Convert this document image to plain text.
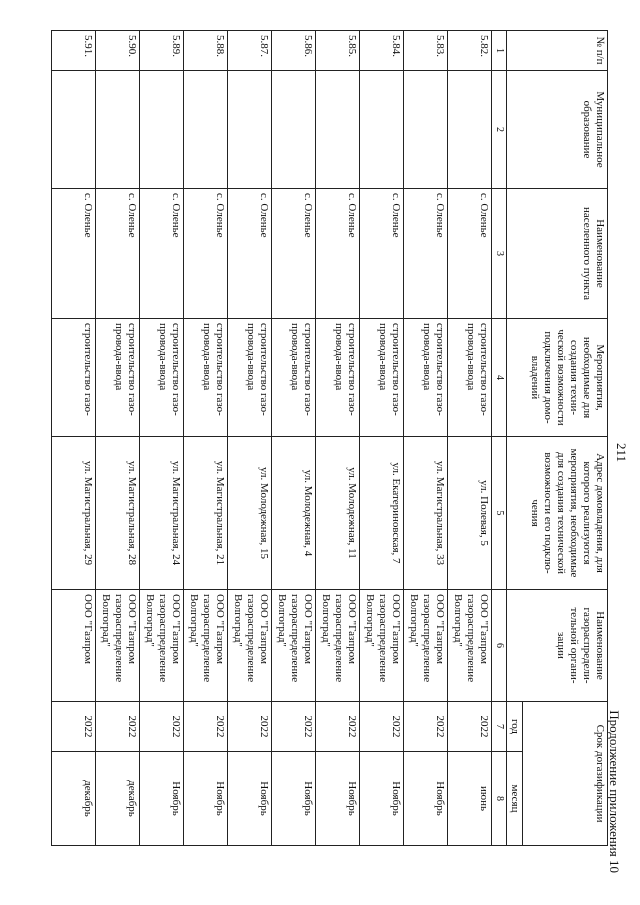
211
Продолжение приложения 10
№ п/п	Муниципальное образование	Наименование населенного пункта	Мероприятия, необходимые для создания техни- ческой возможности подключения домо- владений	Адрес домовладения, для которого реализуются мероприятия, необходимые для создания технической возможности его подклю- чения	Наименование газораспредели- тельной органи- зации	Срок догазификации	
						год	месяц
1	2	3	4	5	6	7	8
5.82.		с. Оленье	строительство газо- провода-ввода	ул. Полевая, 5	ООО "Газпром газораспределение Волгоград"	2022	июнь
5.83.		с. Оленье	строительство газо- провода-ввода	ул. Магистральная, 33	ООО "Газпром газораспределение Волгоград"	2022	Ноябрь
5.84.		с. Оленье	строительство газо- провода-ввода	ул. Екатериновская, 7	ООО "Газпром газораспределение Волгоград"	2022	Ноябрь
5.85.		с. Оленье	строительство газо- провода-ввода	ул. Молодежная, 11	ООО "Газпром газораспределение Волгоград"	2022	Ноябрь
5.86.		с. Оленье	строительство газо- провода-ввода	ул. Молодежная, 4	ООО "Газпром газораспределение Волгоград"	2022	Ноябрь
5.87.		с. Оленье	строительство газо- провода-ввода	ул. Молодежная, 15	ООО "Газпром газораспределение Волгоград"	2022	Ноябрь
5.88.		с. Оленье	строительство газо- провода-ввода	ул. Магистральная, 21	ООО "Газпром газораспределение Волгоград"	2022	Ноябрь
5.89.		с. Оленье	строительство газо- провода-ввода	ул. Магистральная, 24	ООО "Газпром газораспределение Волгоград"	2022	Ноябрь
5.90.		с. Оленье	строительство газо- провода-ввода	ул. Магистральная, 28	ООО "Газпром газораспределение Волгоград"	2022	декабрь
5.91.		с. Оленье	строительство газо-	ул. Магистральная, 29	ООО "Газпром	2022	декабрь
